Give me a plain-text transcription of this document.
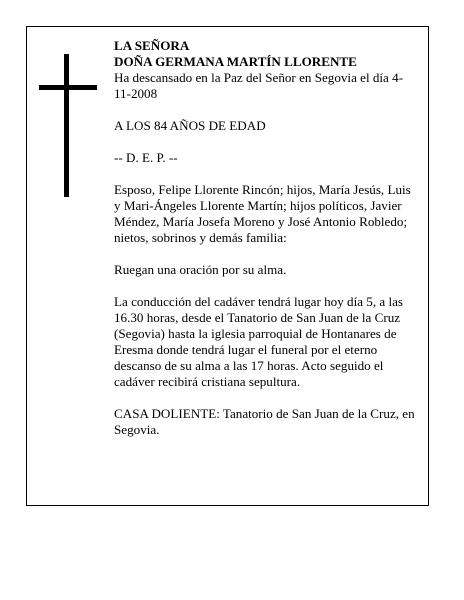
LA SEÑORA

DOÑA GERMANA MARTÍN LLORENTE

Ha descansado en la Paz del Señor en Segovia el día 4-11-2008

A LOS 84 AÑOS DE EDAD

-- D. E. P. --

Esposo, Felipe Llorente Rincón; hijos, María Jesús, Luis y Mari-Ángeles Llorente Martín; hijos políticos, Javier Méndez, María Josefa Moreno y José Antonio Robledo; nietos, sobrinos y demás familia:

Ruegan una oración por su alma.

La conducción del cadáver tendrá lugar hoy día 5, a las 16.30 horas, desde el Tanatorio de San Juan de la Cruz (Segovia) hasta la iglesia parroquial de Hontanares de Eresma donde tendrá lugar el funeral por el eterno descanso de su alma a las 17 horas. Acto seguido el cadáver recibirá cristiana sepultura.

CASA DOLIENTE: Tanatorio de San Juan de la Cruz, en Segovia.
